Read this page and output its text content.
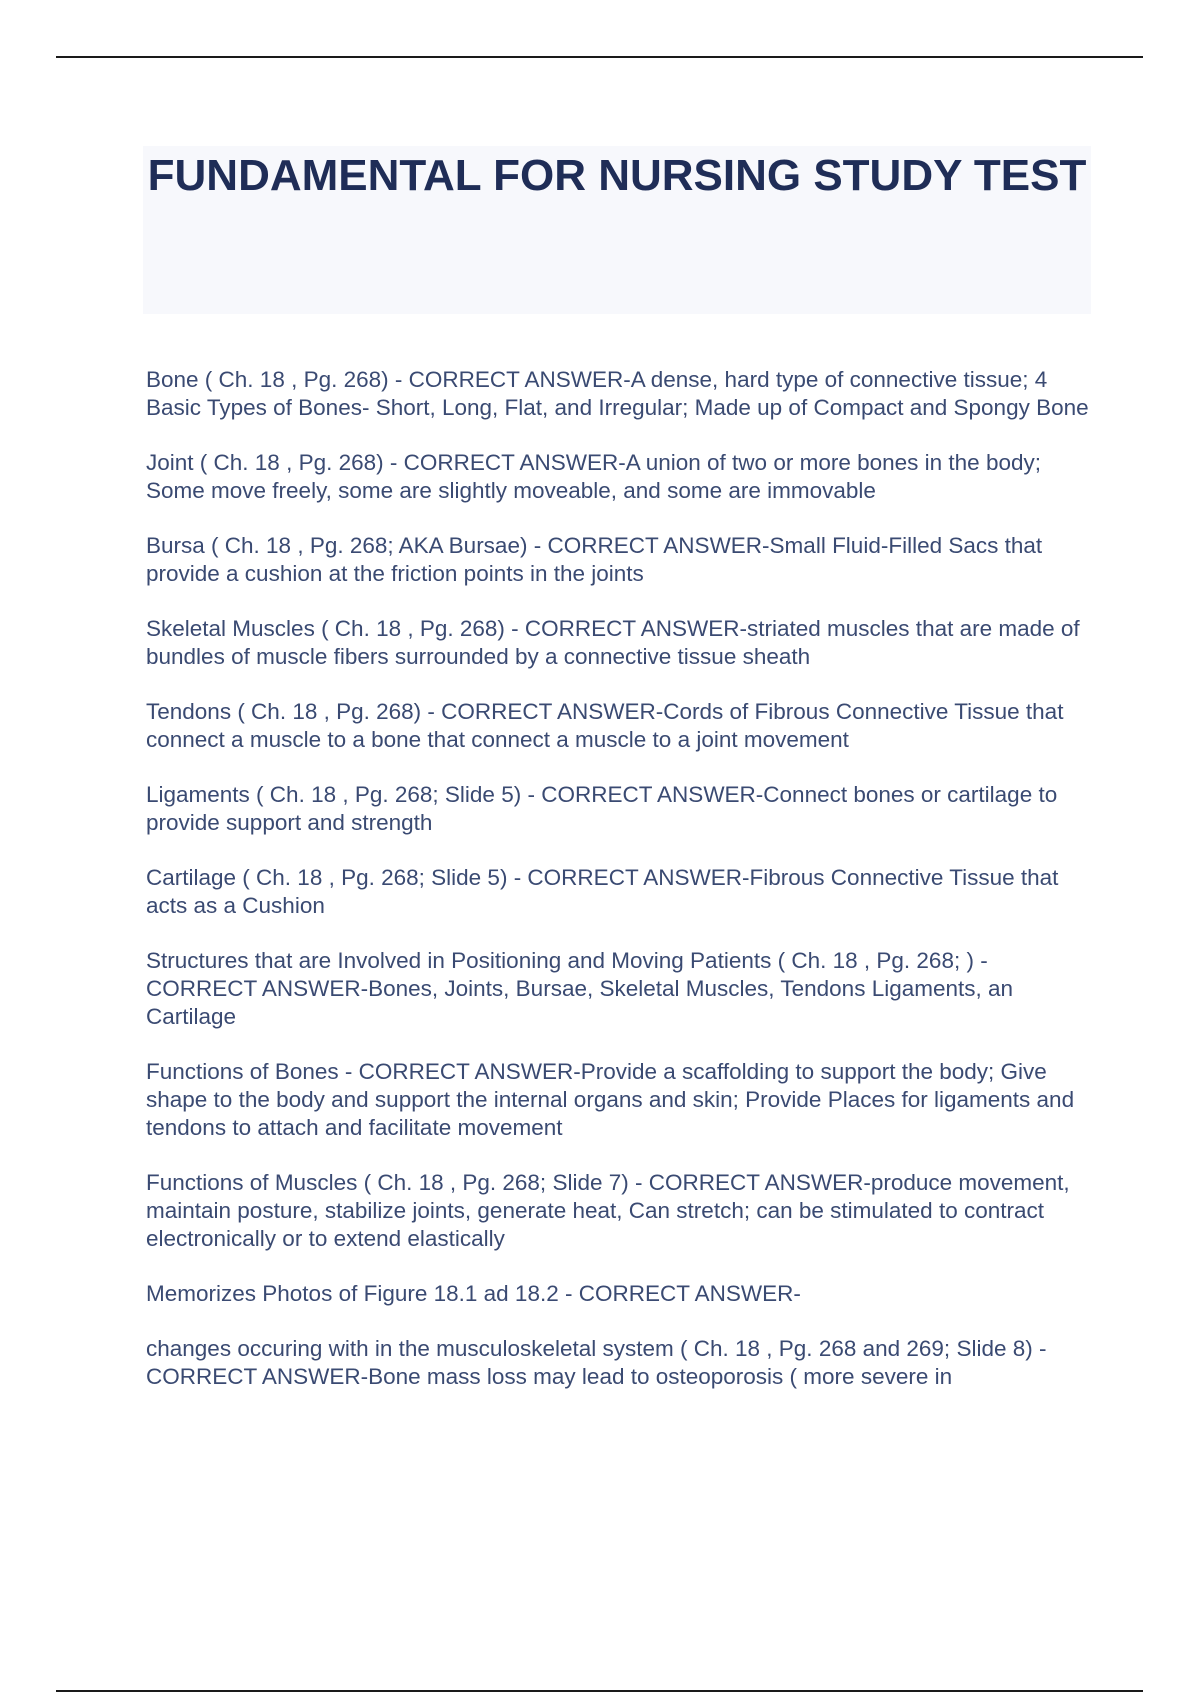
FUNDAMENTAL FOR NURSING STUDY TEST

Bone ( Ch. 18 , Pg. 268) - CORRECT ANSWER-A dense, hard type of connective tissue; 4 Basic Types of Bones- Short, Long, Flat, and Irregular; Made up of Compact and Spongy Bone

Joint ( Ch. 18 , Pg. 268) - CORRECT ANSWER-A union of two or more bones in the body; Some move freely, some are slightly moveable, and some are immovable

Bursa ( Ch. 18 , Pg. 268; AKA Bursae) - CORRECT ANSWER-Small Fluid-Filled Sacs that provide a cushion at the friction points in the joints

Skeletal Muscles ( Ch. 18 , Pg. 268) - CORRECT ANSWER-striated muscles that are made of bundles of muscle fibers surrounded by a connective tissue sheath

Tendons ( Ch. 18 , Pg. 268) - CORRECT ANSWER-Cords of Fibrous Connective Tissue that connect a muscle to a bone that connect a muscle to a joint movement

Ligaments ( Ch. 18 , Pg. 268; Slide 5) - CORRECT ANSWER-Connect bones or cartilage to provide support and strength

Cartilage ( Ch. 18 , Pg. 268; Slide 5) - CORRECT ANSWER-Fibrous Connective Tissue that acts as a Cushion

Structures that are Involved in Positioning and Moving Patients ( Ch. 18 , Pg. 268; ) - CORRECT ANSWER-Bones, Joints, Bursae, Skeletal Muscles, Tendons Ligaments, an Cartilage

Functions of Bones - CORRECT ANSWER-Provide a scaffolding to support the body; Give shape to the body and support the internal organs and skin; Provide Places for ligaments and tendons to attach and facilitate movement

Functions of Muscles ( Ch. 18 , Pg. 268; Slide 7) - CORRECT ANSWER-produce movement, maintain posture, stabilize joints, generate heat, Can stretch; can be stimulated to contract electronically or to extend elastically

Memorizes Photos of Figure 18.1 ad 18.2 - CORRECT ANSWER-

changes occuring with in the musculoskeletal system ( Ch. 18 , Pg. 268 and 269; Slide 8) - CORRECT ANSWER-Bone mass loss may lead to osteoporosis ( more severe in
